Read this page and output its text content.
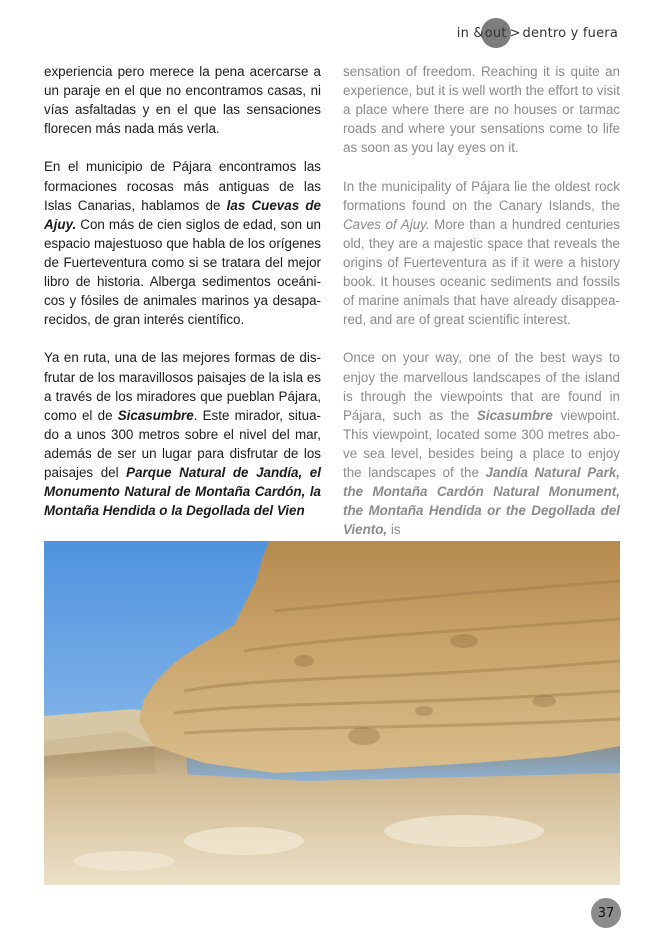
in & out > dentro y fuera

experiencia pero merece la pena acercarse a un paraje en el que no encontramos casas, ni vías asfaltadas y en el que las sensaciones florecen más nada más verla.

En el municipio de Pájara encontramos las formaciones rocosas más antiguas de las Islas Canarias, hablamos de las Cuevas de Ajuy. Con más de cien siglos de edad, son un espacio majestuoso que habla de los orígenes de Fuerteventura como si se tratara del mejor libro de historia. Alberga sedimentos oceánicos y fósiles de animales marinos ya desaparecidos, de gran interés científico.

Ya en ruta, una de las mejores formas de disfrutar de los maravillosos paisajes de la isla es a través de los miradores que pueblan Pájara, como el de Sicasumbre. Este mirador, situado a unos 300 metros sobre el nivel del mar, además de ser un lugar para disfrutar de los paisajes del Parque Natural de Jandía, el Monumento Natural de Montaña Cardón, la Montaña Hendida o la Degollada del Vien

sensation of freedom. Reaching it is quite an experience, but it is well worth the effort to visit a place where there are no houses or tarmac roads and where your sensations come to life as soon as you lay eyes on it.

In the municipality of Pájara lie the oldest rock formations found on the Canary Islands, the Caves of Ajuy. More than a hundred centuries old, they are a majestic space that reveals the origins of Fuerteventura as if it were a history book. It houses oceanic sediments and fossils of marine animals that have already disappeared, and are of great scientific interest.

Once on your way, one of the best ways to enjoy the marvellous landscapes of the island is through the viewpoints that are found in Pájara, such as the Sicasumbre viewpoint. This viewpoint, located some 300 metres above sea level, besides being a place to enjoy the landscapes of the Jandía Natural Park, the Montaña Cardón Natural Monument, the Montaña Hendida or the Degollada del Viento, is

37
